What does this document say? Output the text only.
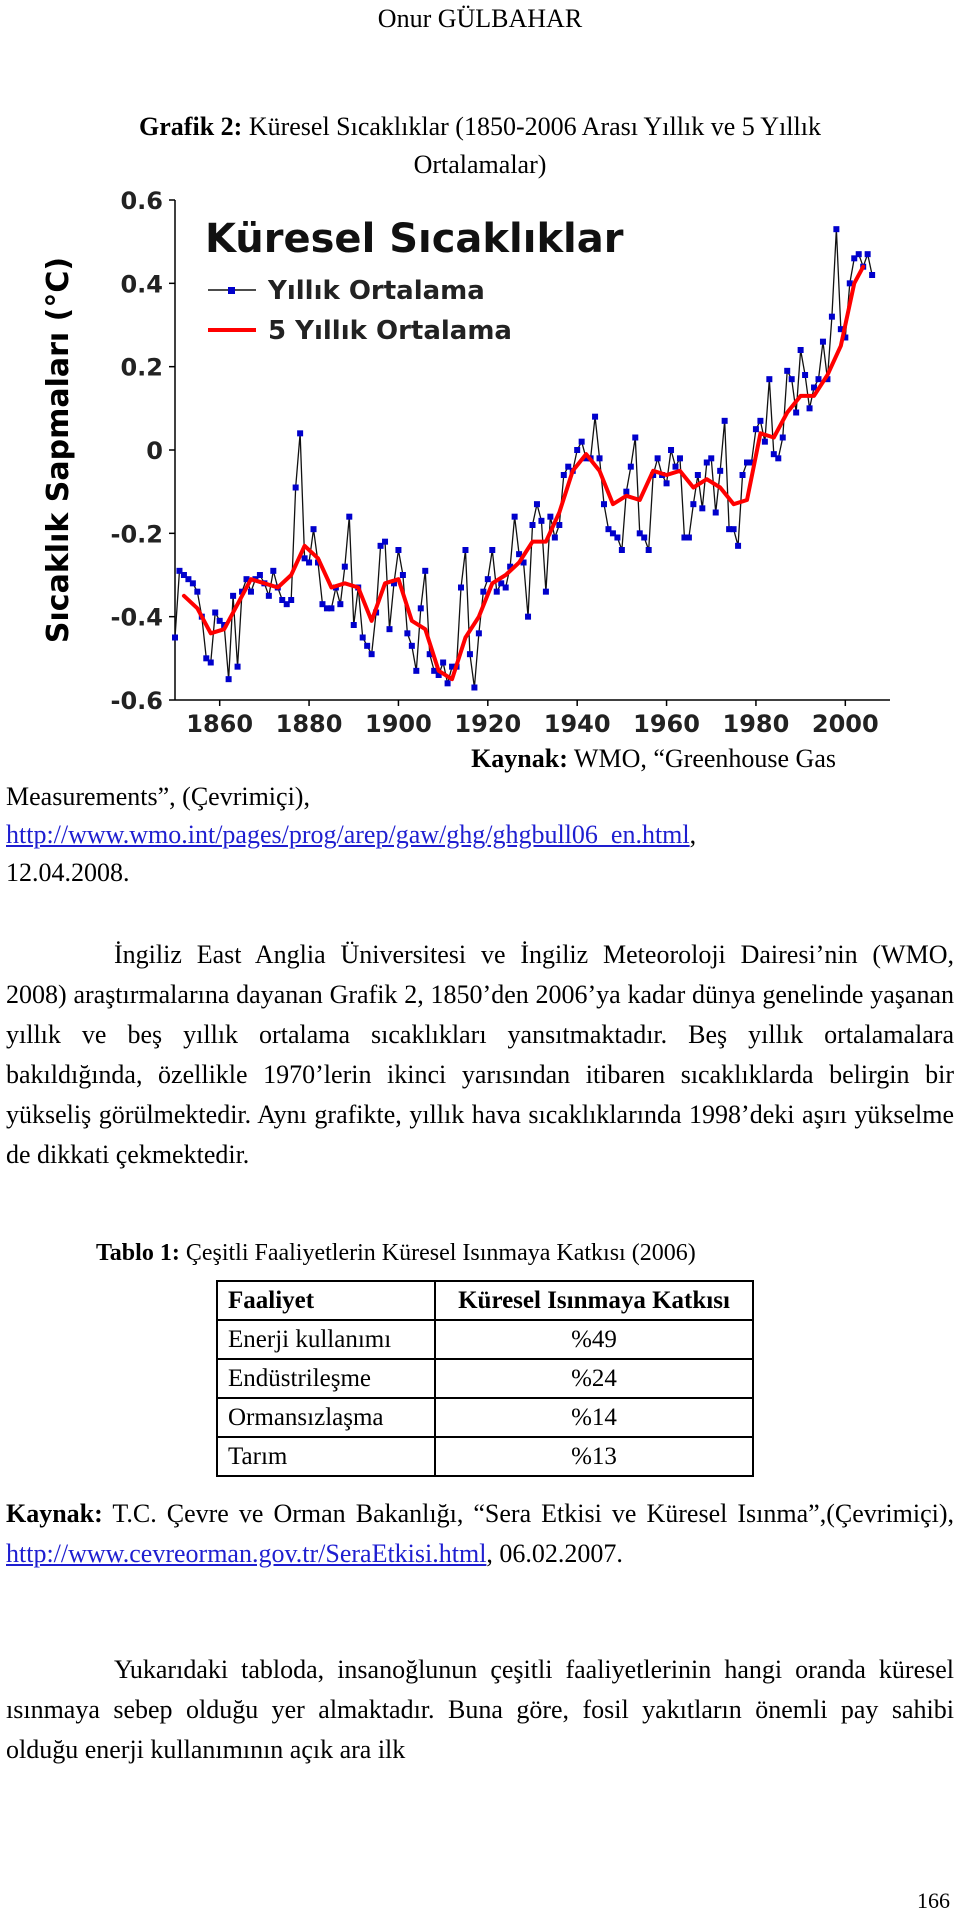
Onur GÜLBAHAR
Grafik 2: Küresel Sıcaklıklar (1850-2006 Arası Yıllık ve 5 Yıllık
Ortalamalar)
-0.6
-0.4
-0.2
0
0.2
0.4
0.6
1860 1880 1900 1920 1940 1960 1980 2000
Sıcaklık Sapmaları (°C)
Küresel Sıcaklıklar
Yıllık Ortalama
5 Yıllık Ortalama
Kaynak: WMO, “Greenhouse Gas
Measurements”, (Çevrimiçi),
http://www.wmo.int/pages/prog/arep/gaw/ghg/ghgbull06_en.html,
12.04.2008.

İngiliz East Anglia Üniversitesi ve İngiliz Meteoroloji Dairesi’nin (WMO, 2008) araştırmalarına dayanan Grafik 2, 1850’den 2006’ya kadar dünya genelinde yaşanan yıllık ve beş yıllık ortalama sıcaklıkları yansıtmaktadır. Beş yıllık ortalamalara bakıldığında, özellikle 1970’lerin ikinci yarısından itibaren sıcaklıklarda belirgin bir yükseliş görülmektedir. Aynı grafikte, yıllık hava sıcaklıklarında 1998’deki aşırı yükselme de dikkati çekmektedir.

Tablo 1: Çeşitli Faaliyetlerin Küresel Isınmaya Katkısı (2006)
Faaliyet	Küresel Isınmaya Katkısı
Enerji kullanımı	%49
Endüstrileşme	%24
Ormansızlaşma	%14
Tarım	%13

Kaynak: T.C. Çevre ve Orman Bakanlığı, “Sera Etkisi ve Küresel Isınma”,(Çevrimiçi), http://www.cevreorman.gov.tr/SeraEtkisi.html, 06.02.2007.

Yukarıdaki tabloda, insanoğlunun çeşitli faaliyetlerinin hangi oranda küresel ısınmaya sebep olduğu yer almaktadır. Buna göre, fosil yakıtların önemli pay sahibi olduğu enerji kullanımının açık ara ilk

166
